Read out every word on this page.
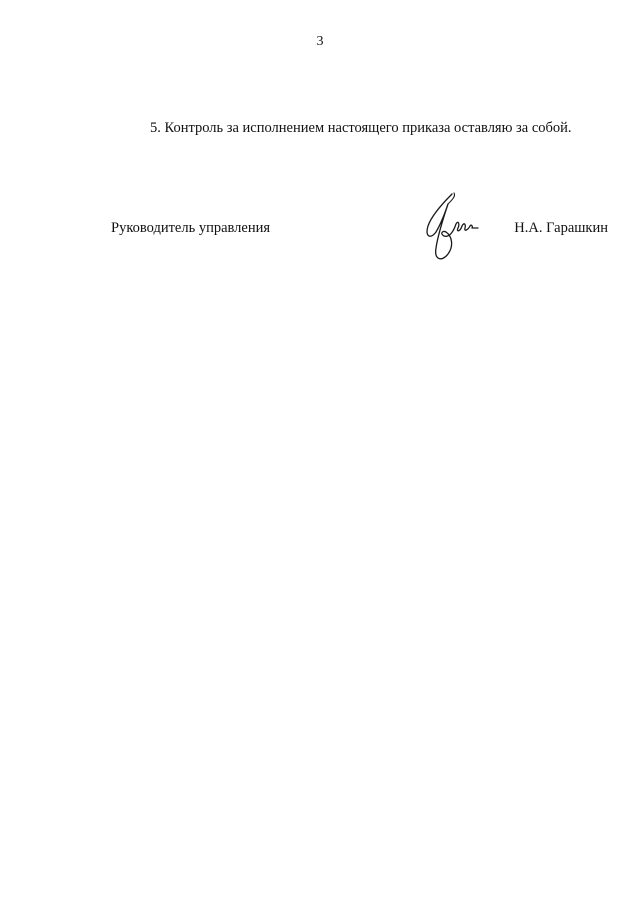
3
5. Контроль за исполнением настоящего приказа оставляю за собой.
Руководитель управления	Н.А. Гарашкин
